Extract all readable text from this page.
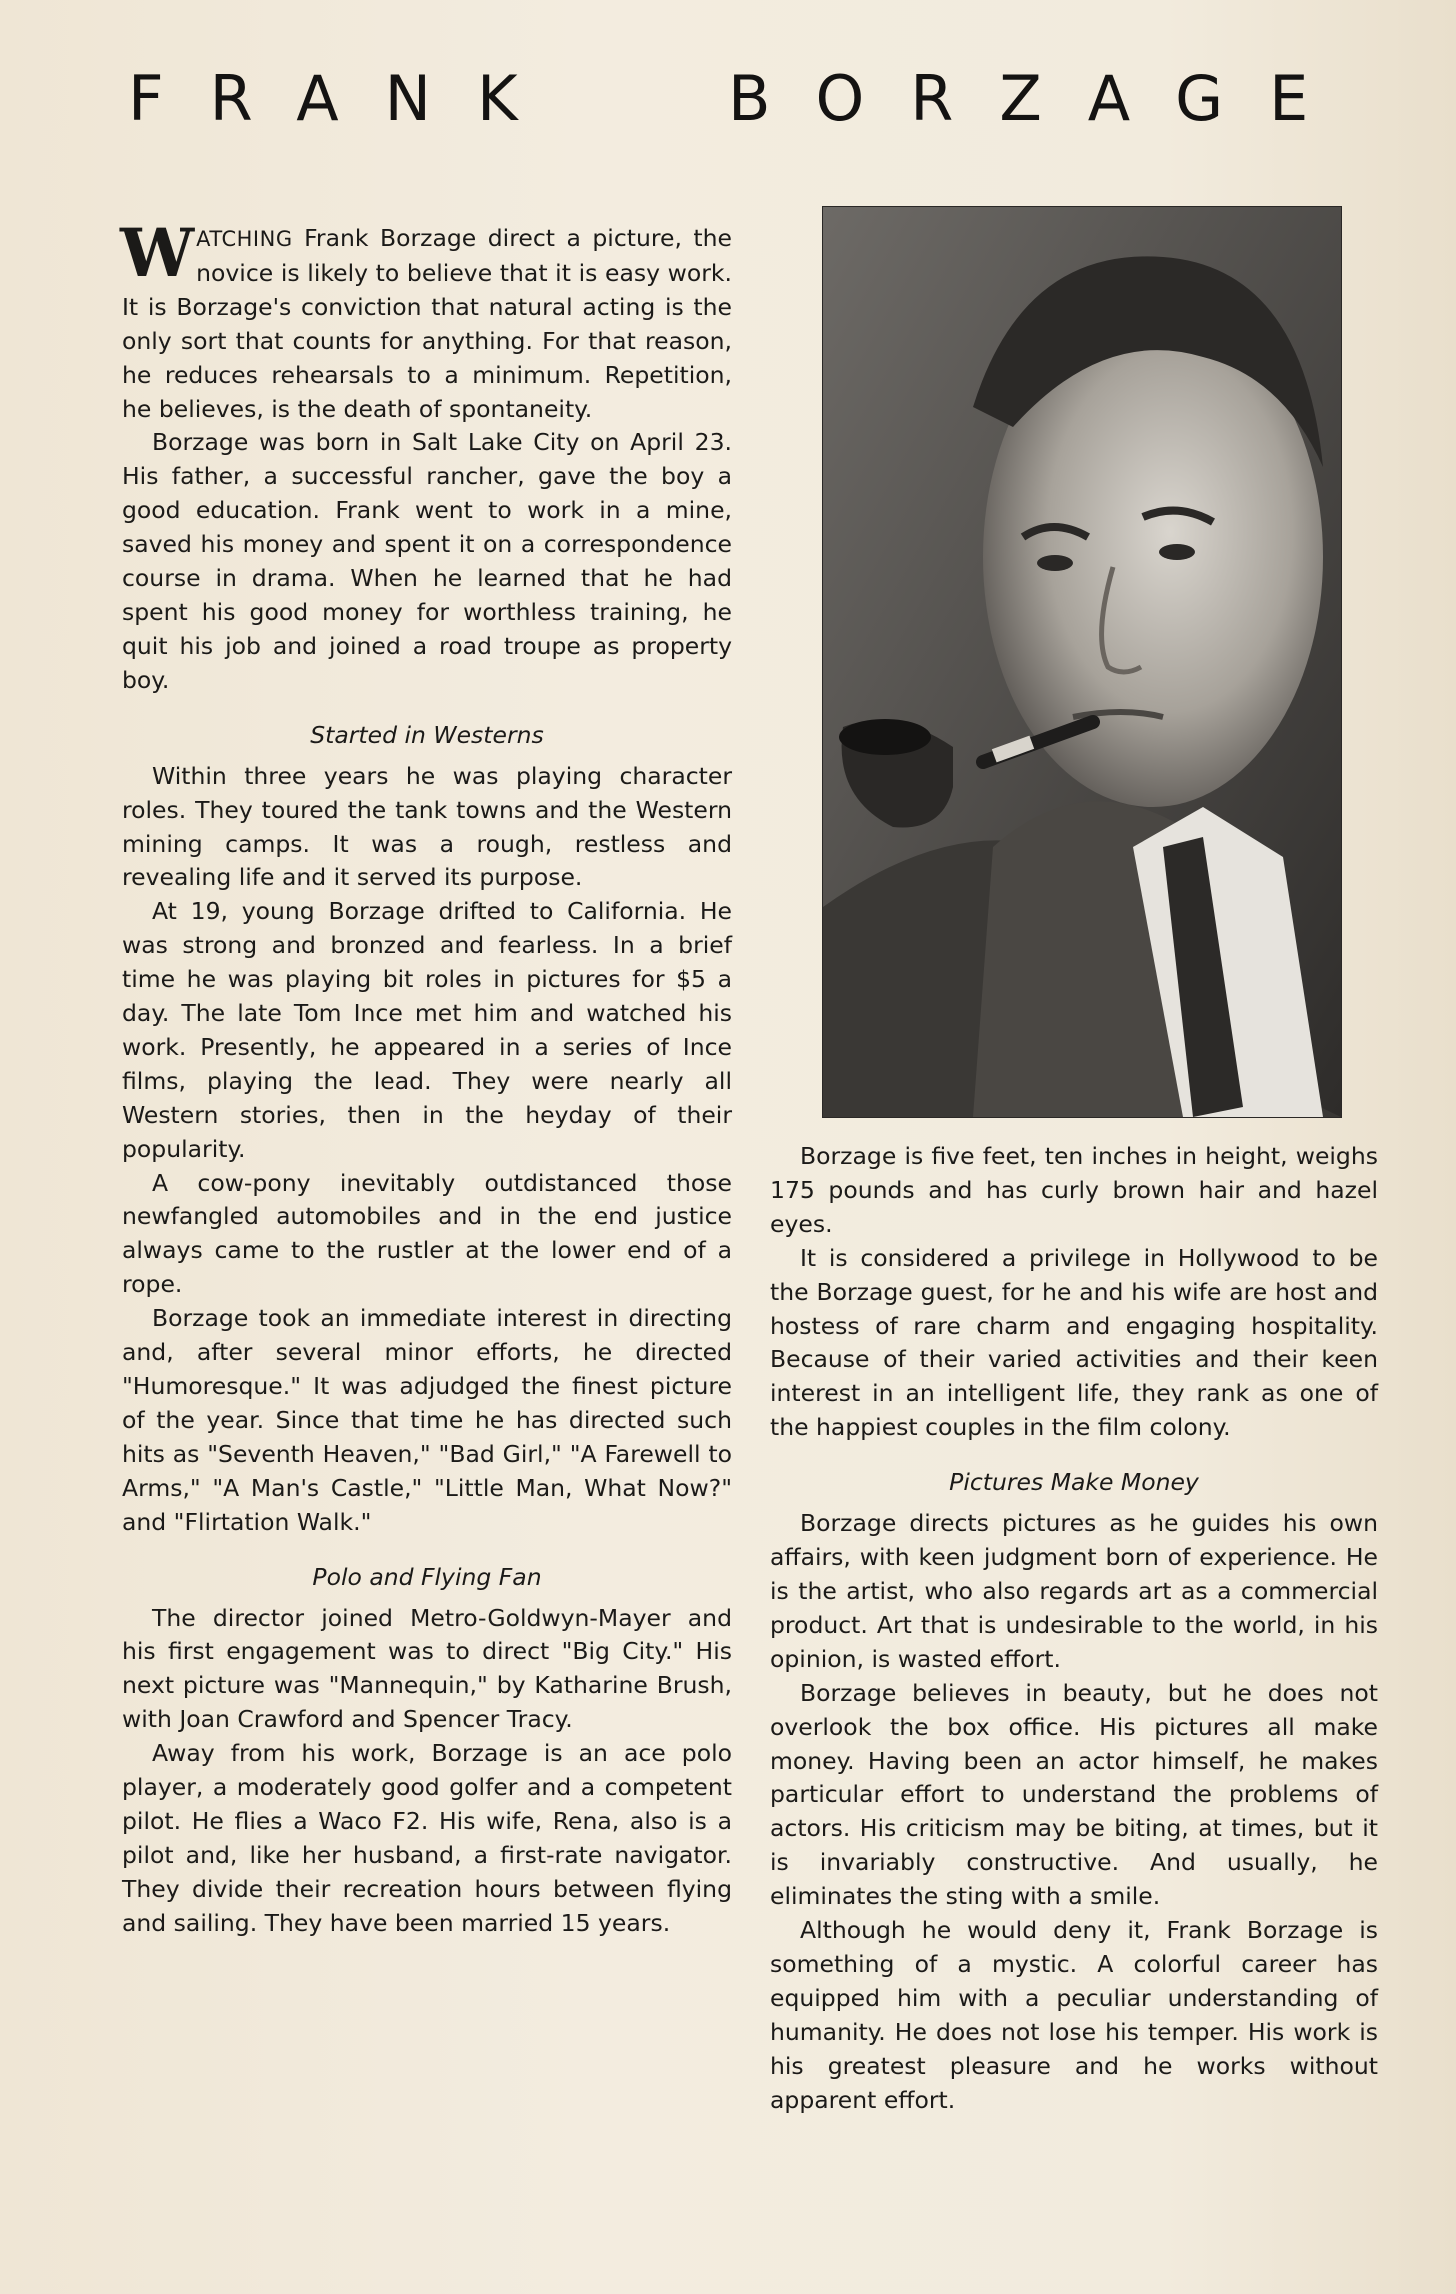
FRANK	BORZAGE

WATCHING Frank Borzage direct a picture, the novice is likely to believe that it is easy work. It is Borzage's conviction that natural acting is the only sort that counts for anything. For that reason, he reduces rehearsals to a minimum. Repetition, he believes, is the death of spontaneity.

Borzage was born in Salt Lake City on April 23. His father, a successful rancher, gave the boy a good education. Frank went to work in a mine, saved his money and spent it on a correspondence course in drama. When he learned that he had spent his good money for worthless training, he quit his job and joined a road troupe as property boy.

Started in Westerns

Within three years he was playing character roles. They toured the tank towns and the Western mining camps. It was a rough, restless and revealing life and it served its purpose.

At 19, young Borzage drifted to California. He was strong and bronzed and fearless. In a brief time he was playing bit roles in pictures for $5 a day. The late Tom Ince met him and watched his work. Presently, he appeared in a series of Ince films, playing the lead. They were nearly all Western stories, then in the heyday of their popularity.

A cow-pony inevitably outdistanced those newfangled automobiles and in the end justice always came to the rustler at the lower end of a rope.

Borzage took an immediate interest in directing and, after several minor efforts, he directed "Humoresque." It was adjudged the finest picture of the year. Since that time he has directed such hits as "Seventh Heaven," "Bad Girl," "A Farewell to Arms," "A Man's Castle," "Little Man, What Now?" and "Flirtation Walk."

Polo and Flying Fan

The director joined Metro-Goldwyn-Mayer and his first engagement was to direct "Big City." His next picture was "Mannequin," by Katharine Brush, with Joan Crawford and Spencer Tracy.

Away from his work, Borzage is an ace polo player, a moderately good golfer and a competent pilot. He flies a Waco F2. His wife, Rena, also is a pilot and, like her husband, a first-rate navigator. They divide their recreation hours between flying and sailing. They have been married 15 years.

Borzage is five feet, ten inches in height, weighs 175 pounds and has curly brown hair and hazel eyes.

It is considered a privilege in Hollywood to be the Borzage guest, for he and his wife are host and hostess of rare charm and engaging hospitality. Because of their varied activities and their keen interest in an intelligent life, they rank as one of the happiest couples in the film colony.

Pictures Make Money

Borzage directs pictures as he guides his own affairs, with keen judgment born of experience. He is the artist, who also regards art as a commercial product. Art that is undesirable to the world, in his opinion, is wasted effort.

Borzage believes in beauty, but he does not overlook the box office. His pictures all make money. Having been an actor himself, he makes particular effort to understand the problems of actors. His criticism may be biting, at times, but it is invariably constructive. And usually, he eliminates the sting with a smile.

Although he would deny it, Frank Borzage is something of a mystic. A colorful career has equipped him with a peculiar understanding of humanity. He does not lose his temper. His work is his greatest pleasure and he works without apparent effort.
